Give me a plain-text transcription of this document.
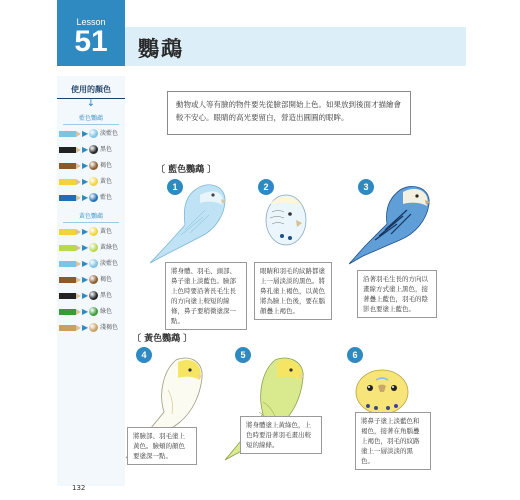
Lesson
51	鸚鵡
使用的顏色
↓
藍色鸚鵡
▶ 淡藍色
▶ 黑色
▶ 褐色
▶ 黃色
▶ 藍色
黃色鸚鵡
▶ 黃色
▶ 黃綠色
▶ 淡藍色
▶ 褐色
▶ 黑色
▶ 綠色
▶ 淺褐色
動物或人等有臉的物件要先從臉部開始上色。如果放到後面才描繪會較不安心。眼睛的高光要留白，營造出圓圓的眼眸。
〔 藍色鸚鵡 〕
1	2	3
將身體、羽毛、頭部、鼻子塗上淡藍色。臉部上色時要沿著長毛生長的方向塗上較短的線條，鼻子要稍微塗深一點。
眼睛和羽毛的紋路都塗上一層淡淡的黑色。將鼻孔塗上褐色，以黃色將為臉上色後，要在腦顏疊上褐色。
沿著羽毛生長的方向以畫線方式塗上黑色，接著疊上藍色，羽毛的陰影也要塗上藍色。
〔 黃色鸚鵡 〕
4	5	6
將臉部、羽毛塗上黃色。臉頰的顏色要塗深一點。
將身體塗上黃綠色，上色時要沿著羽毛畫出較短的線條。
將鼻子塗上淡藍色和褐色，接著在角腦疊上褐色，羽毛的紋路塗上一層淡淡的黑色。
132
